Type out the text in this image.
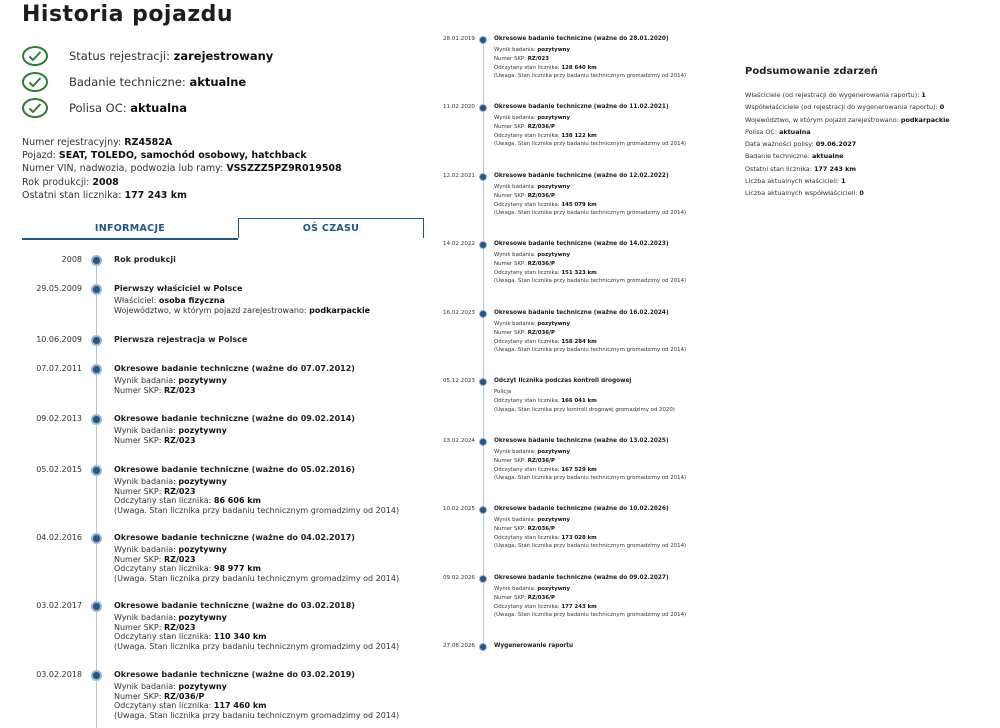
Historia pojazdu
Status rejestracji: zarejestrowany
Badanie techniczne: aktualne
Polisa OC: aktualna
Numer rejestracyjny: RZ4582A
Pojazd: SEAT, TOLEDO, samochód osobowy, hatchback
Numer VIN, nadwozia, podwozia lub ramy: VSSZZZ5PZ9R019508
Rok produkcji: 2008
Ostatni stan licznika: 177 243 km
INFORMACJE	OŚ CZASU
2008	Rok produkcji
29.05.2009	Pierwszy właściciel w Polsce
Właściciel: osoba fizyczna
Województwo, w którym pojazd zarejestrowano: podkarpackie
10.06.2009	Pierwsza rejestracja w Polsce
07.07.2011	Okresowe badanie techniczne (ważne do 07.07.2012)
Wynik badania: pozytywny
Numer SKP: RZ/023
09.02.2013	Okresowe badanie techniczne (ważne do 09.02.2014)
Wynik badania: pozytywny
Numer SKP: RZ/023
05.02.2015	Okresowe badanie techniczne (ważne do 05.02.2016)
Wynik badania: pozytywny
Numer SKP: RZ/023
Odczytany stan licznika: 86 606 km
(Uwaga. Stan licznika przy badaniu technicznym gromadzimy od 2014)
04.02.2016	Okresowe badanie techniczne (ważne do 04.02.2017)
Wynik badania: pozytywny
Numer SKP: RZ/023
Odczytany stan licznika: 98 977 km
(Uwaga. Stan licznika przy badaniu technicznym gromadzimy od 2014)
03.02.2017	Okresowe badanie techniczne (ważne do 03.02.2018)
Wynik badania: pozytywny
Numer SKP: RZ/023
Odczytany stan licznika: 110 340 km
(Uwaga. Stan licznika przy badaniu technicznym gromadzimy od 2014)
03.02.2018	Okresowe badanie techniczne (ważne do 03.02.2019)
Wynik badania: pozytywny
Numer SKP: RZ/036/P
Odczytany stan licznika: 117 460 km
(Uwaga. Stan licznika przy badaniu technicznym gromadzimy od 2014)
28.01.2019	Okresowe badanie techniczne (ważne do 28.01.2020)
Wynik badania: pozytywny
Numer SKP: RZ/023
Odczytany stan licznika: 128 640 km
(Uwaga. Stan licznika przy badaniu technicznym gromadzimy od 2014)
11.02.2020	Okresowe badanie techniczne (ważne do 11.02.2021)
Wynik badania: pozytywny
Numer SKP: RZ/036/P
Odczytany stan licznika: 138 122 km
(Uwaga. Stan licznika przy badaniu technicznym gromadzimy od 2014)
12.02.2021	Okresowe badanie techniczne (ważne do 12.02.2022)
Wynik badania: pozytywny
Numer SKP: RZ/036/P
Odczytany stan licznika: 145 079 km
(Uwaga. Stan licznika przy badaniu technicznym gromadzimy od 2014)
14.02.2022	Okresowe badanie techniczne (ważne do 14.02.2023)
Wynik badania: pozytywny
Numer SKP: RZ/036/P
Odczytany stan licznika: 151 323 km
(Uwaga. Stan licznika przy badaniu technicznym gromadzimy od 2014)
16.02.2023	Okresowe badanie techniczne (ważne do 16.02.2024)
Wynik badania: pozytywny
Numer SKP: RZ/036/P
Odczytany stan licznika: 158 284 km
(Uwaga. Stan licznika przy badaniu technicznym gromadzimy od 2014)
05.12.2023	Odczyt licznika podczas kontroli drogowej
Policja
Odczytany stan licznika: 166 041 km
(Uwaga. Stan licznika przy kontroli drogowej gromadzimy od 2020)
13.02.2024	Okresowe badanie techniczne (ważne do 13.02.2025)
Wynik badania: pozytywny
Numer SKP: RZ/036/P
Odczytany stan licznika: 167 529 km
(Uwaga. Stan licznika przy badaniu technicznym gromadzimy od 2014)
10.02.2025	Okresowe badanie techniczne (ważne do 10.02.2026)
Wynik badania: pozytywny
Numer SKP: RZ/036/P
Odczytany stan licznika: 173 028 km
(Uwaga. Stan licznika przy badaniu technicznym gromadzimy od 2014)
09.02.2026	Okresowe badanie techniczne (ważne do 09.02.2027)
Wynik badania: pozytywny
Numer SKP: RZ/036/P
Odczytany stan licznika: 177 243 km
(Uwaga. Stan licznika przy badaniu technicznym gromadzimy od 2014)
27.08.2026	Wygenerowanie raportu
Podsumowanie zdarzeń
Właściciele (od rejestracji do wygenerowania raportu): 1
Współwłaściciele (od rejestracji do wygenerowania raportu): 0
Województwo, w którym pojazd zarejestrowano: podkarpackie
Polisa OC: aktualna
Data ważności polisy: 09.06.2027
Badanie techniczne: aktualne
Ostatni stan licznika: 177 243 km
Liczba aktualnych właścicieli: 1
Liczba aktualnych współwłaścicieli: 0
